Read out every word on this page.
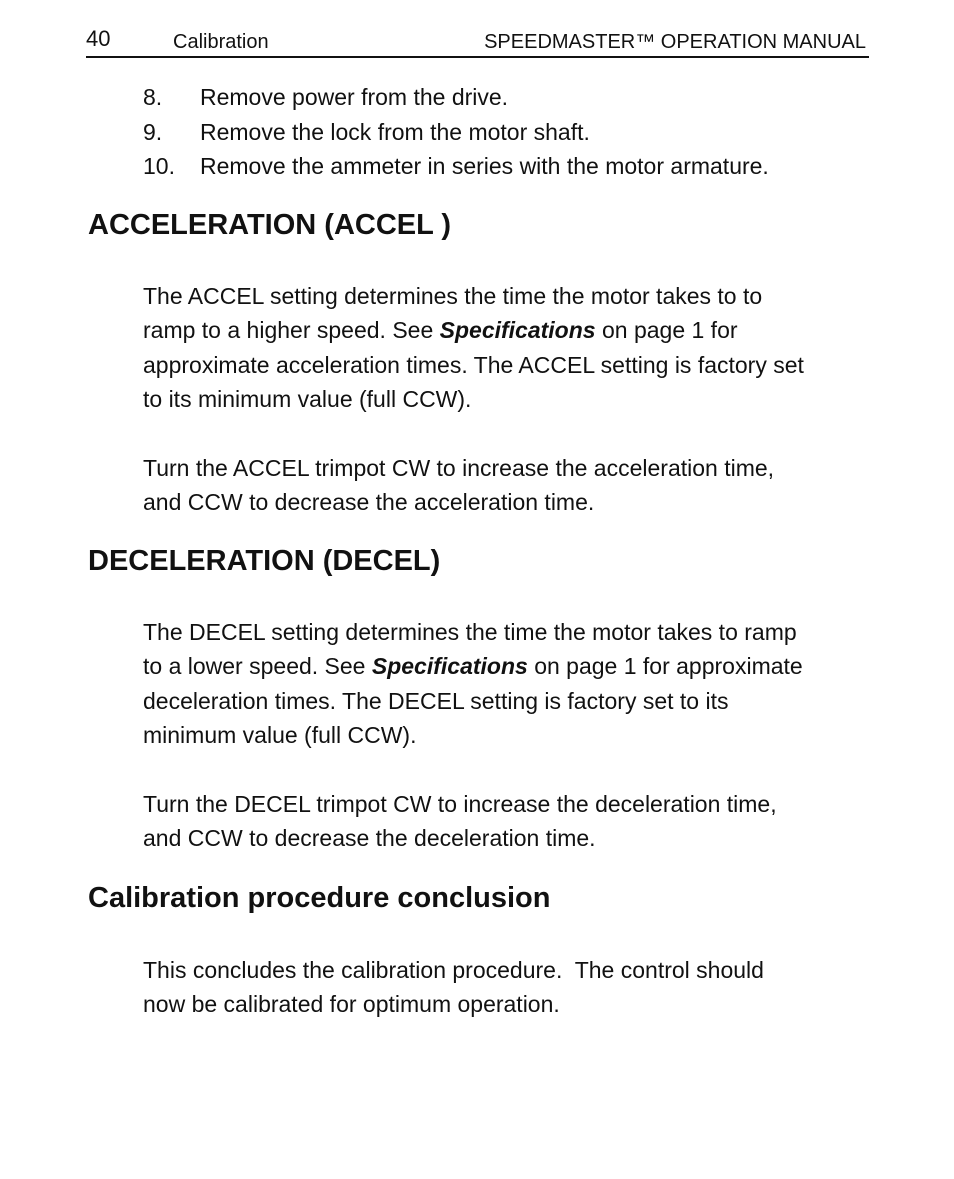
40	Calibration	SPEEDMASTER™ OPERATION MANUAL
8. Remove power from the drive.
9. Remove the lock from the motor shaft.
10. Remove the ammeter in series with the motor armature.
ACCELERATION (ACCEL )

The ACCEL setting determines the time the motor takes to to
ramp to a higher speed. See Specifications on page 1 for
approximate acceleration times. The ACCEL setting is factory set
to its minimum value (full CCW).

Turn the ACCEL trimpot CW to increase the acceleration time,
and CCW to decrease the acceleration time.

DECELERATION (DECEL)

The DECEL setting determines the time the motor takes to ramp
to a lower speed. See Specifications on page 1 for approximate
deceleration times. The DECEL setting is factory set to its
minimum value (full CCW).

Turn the DECEL trimpot CW to increase the deceleration time,
and CCW to decrease the deceleration time.

Calibration procedure conclusion

This concludes the calibration procedure.  The control should
now be calibrated for optimum operation.
